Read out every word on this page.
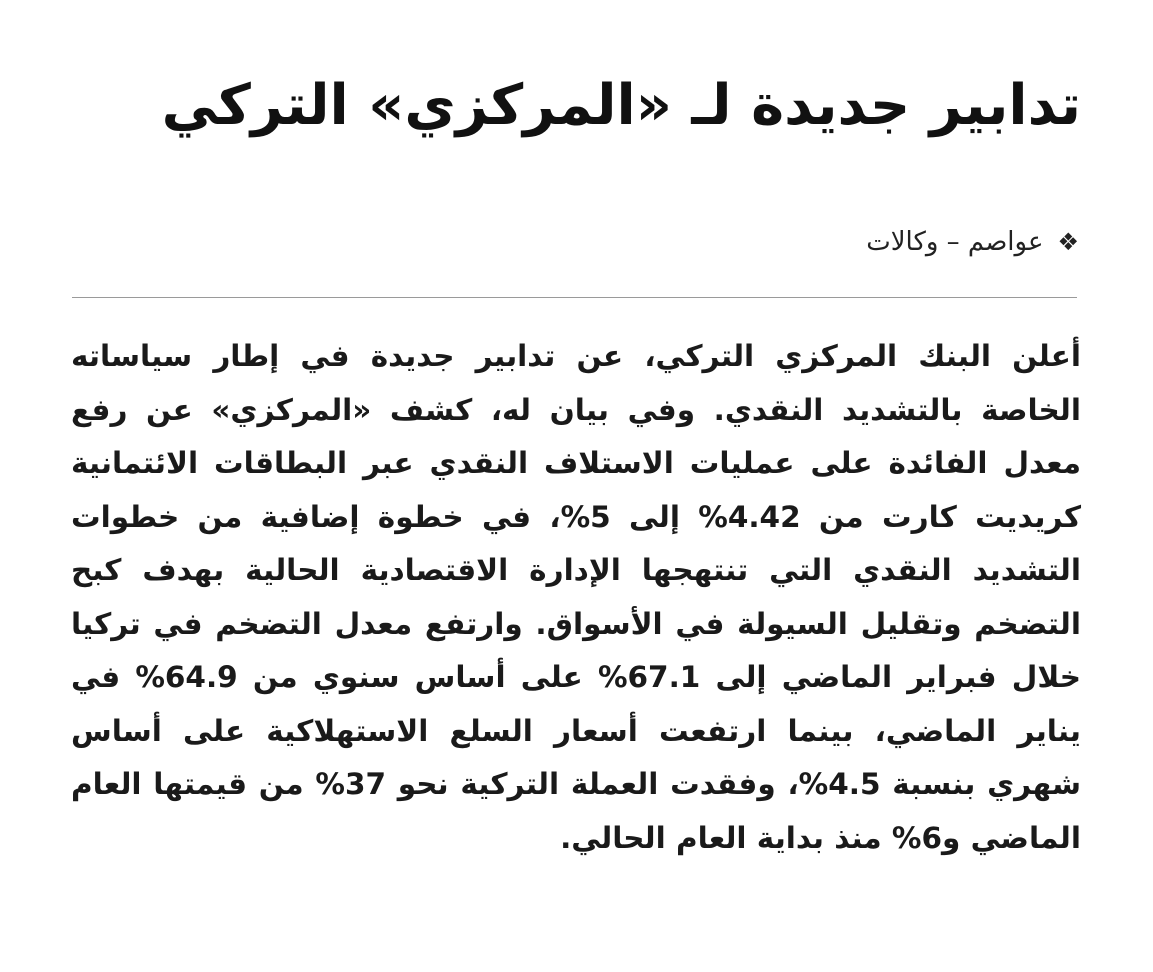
تدابير جديدة لـ «المركزي» التركي
❖
عواصم – وكالات

أعلن البنك المركزي التركي، عن تدابير جديدة في إطار سياساته الخاصة بالتشديد النقدي. وفي بيان له، كشف «المركزي» عن رفع معدل الفائدة على عمليات الاستلاف النقدي عبر البطاقات الائتمانية كريديت كارت من 4.42% إلى 5%، في خطوة إضافية من خطوات التشديد النقدي التي تنتهجها الإدارة الاقتصادية الحالية بهدف كبح التضخم وتقليل السيولة في الأسواق. وارتفع معدل التضخم في تركيا خلال فبراير الماضي إلى 67.1% على أساس سنوي من 64.9% في يناير الماضي، بينما ارتفعت أسعار السلع الاستهلاكية على أساس شهري بنسبة 4.5%، وفقدت العملة التركية نحو 37% من قيمتها العام الماضي و6% منذ بداية العام الحالي.
